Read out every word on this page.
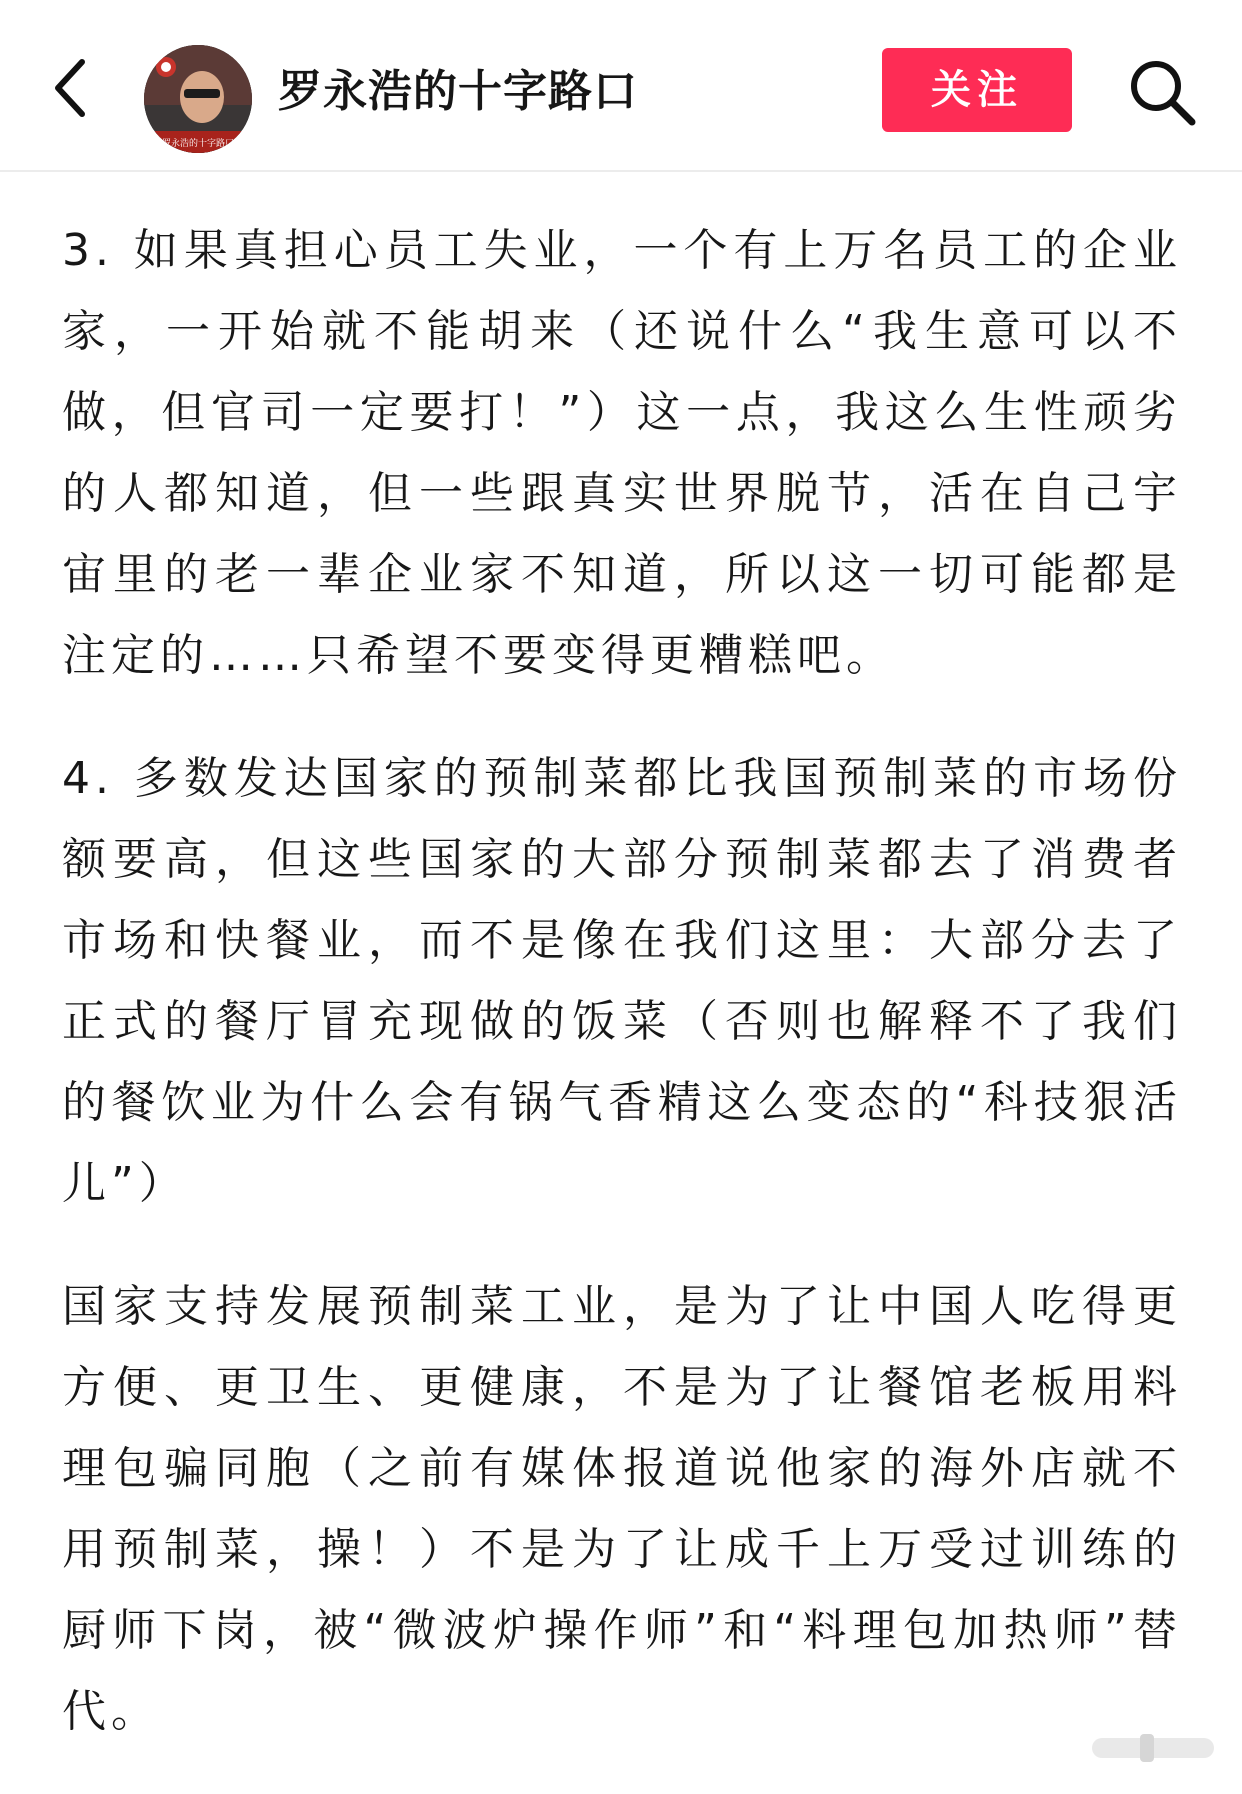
罗永浩的十字路口
罗永浩的十字路口	关注

3. 如果真担心员工失业，一个有上万名员工的企业家，一开始就不能胡来（还说什么“我生意可以不做，但官司一定要打！”）这一点，我这么生性顽劣的人都知道，但一些跟真实世界脱节，活在自己宇宙里的老一辈企业家不知道，所以这一切可能都是注定的……只希望不要变得更糟糕吧。

4. 多数发达国家的预制菜都比我国预制菜的市场份额要高，但这些国家的大部分预制菜都去了消费者市场和快餐业，而不是像在我们这里：大部分去了正式的餐厅冒充现做的饭菜（否则也解释不了我们的餐饮业为什么会有锅气香精这么变态的“科技狠活儿”）

国家支持发展预制菜工业，是为了让中国人吃得更方便、更卫生、更健康，不是为了让餐馆老板用料理包骗同胞（之前有媒体报道说他家的海外店就不用预制菜，操！）不是为了让成千上万受过训练的厨师下岗，被“微波炉操作师”和“料理包加热师”替代。
